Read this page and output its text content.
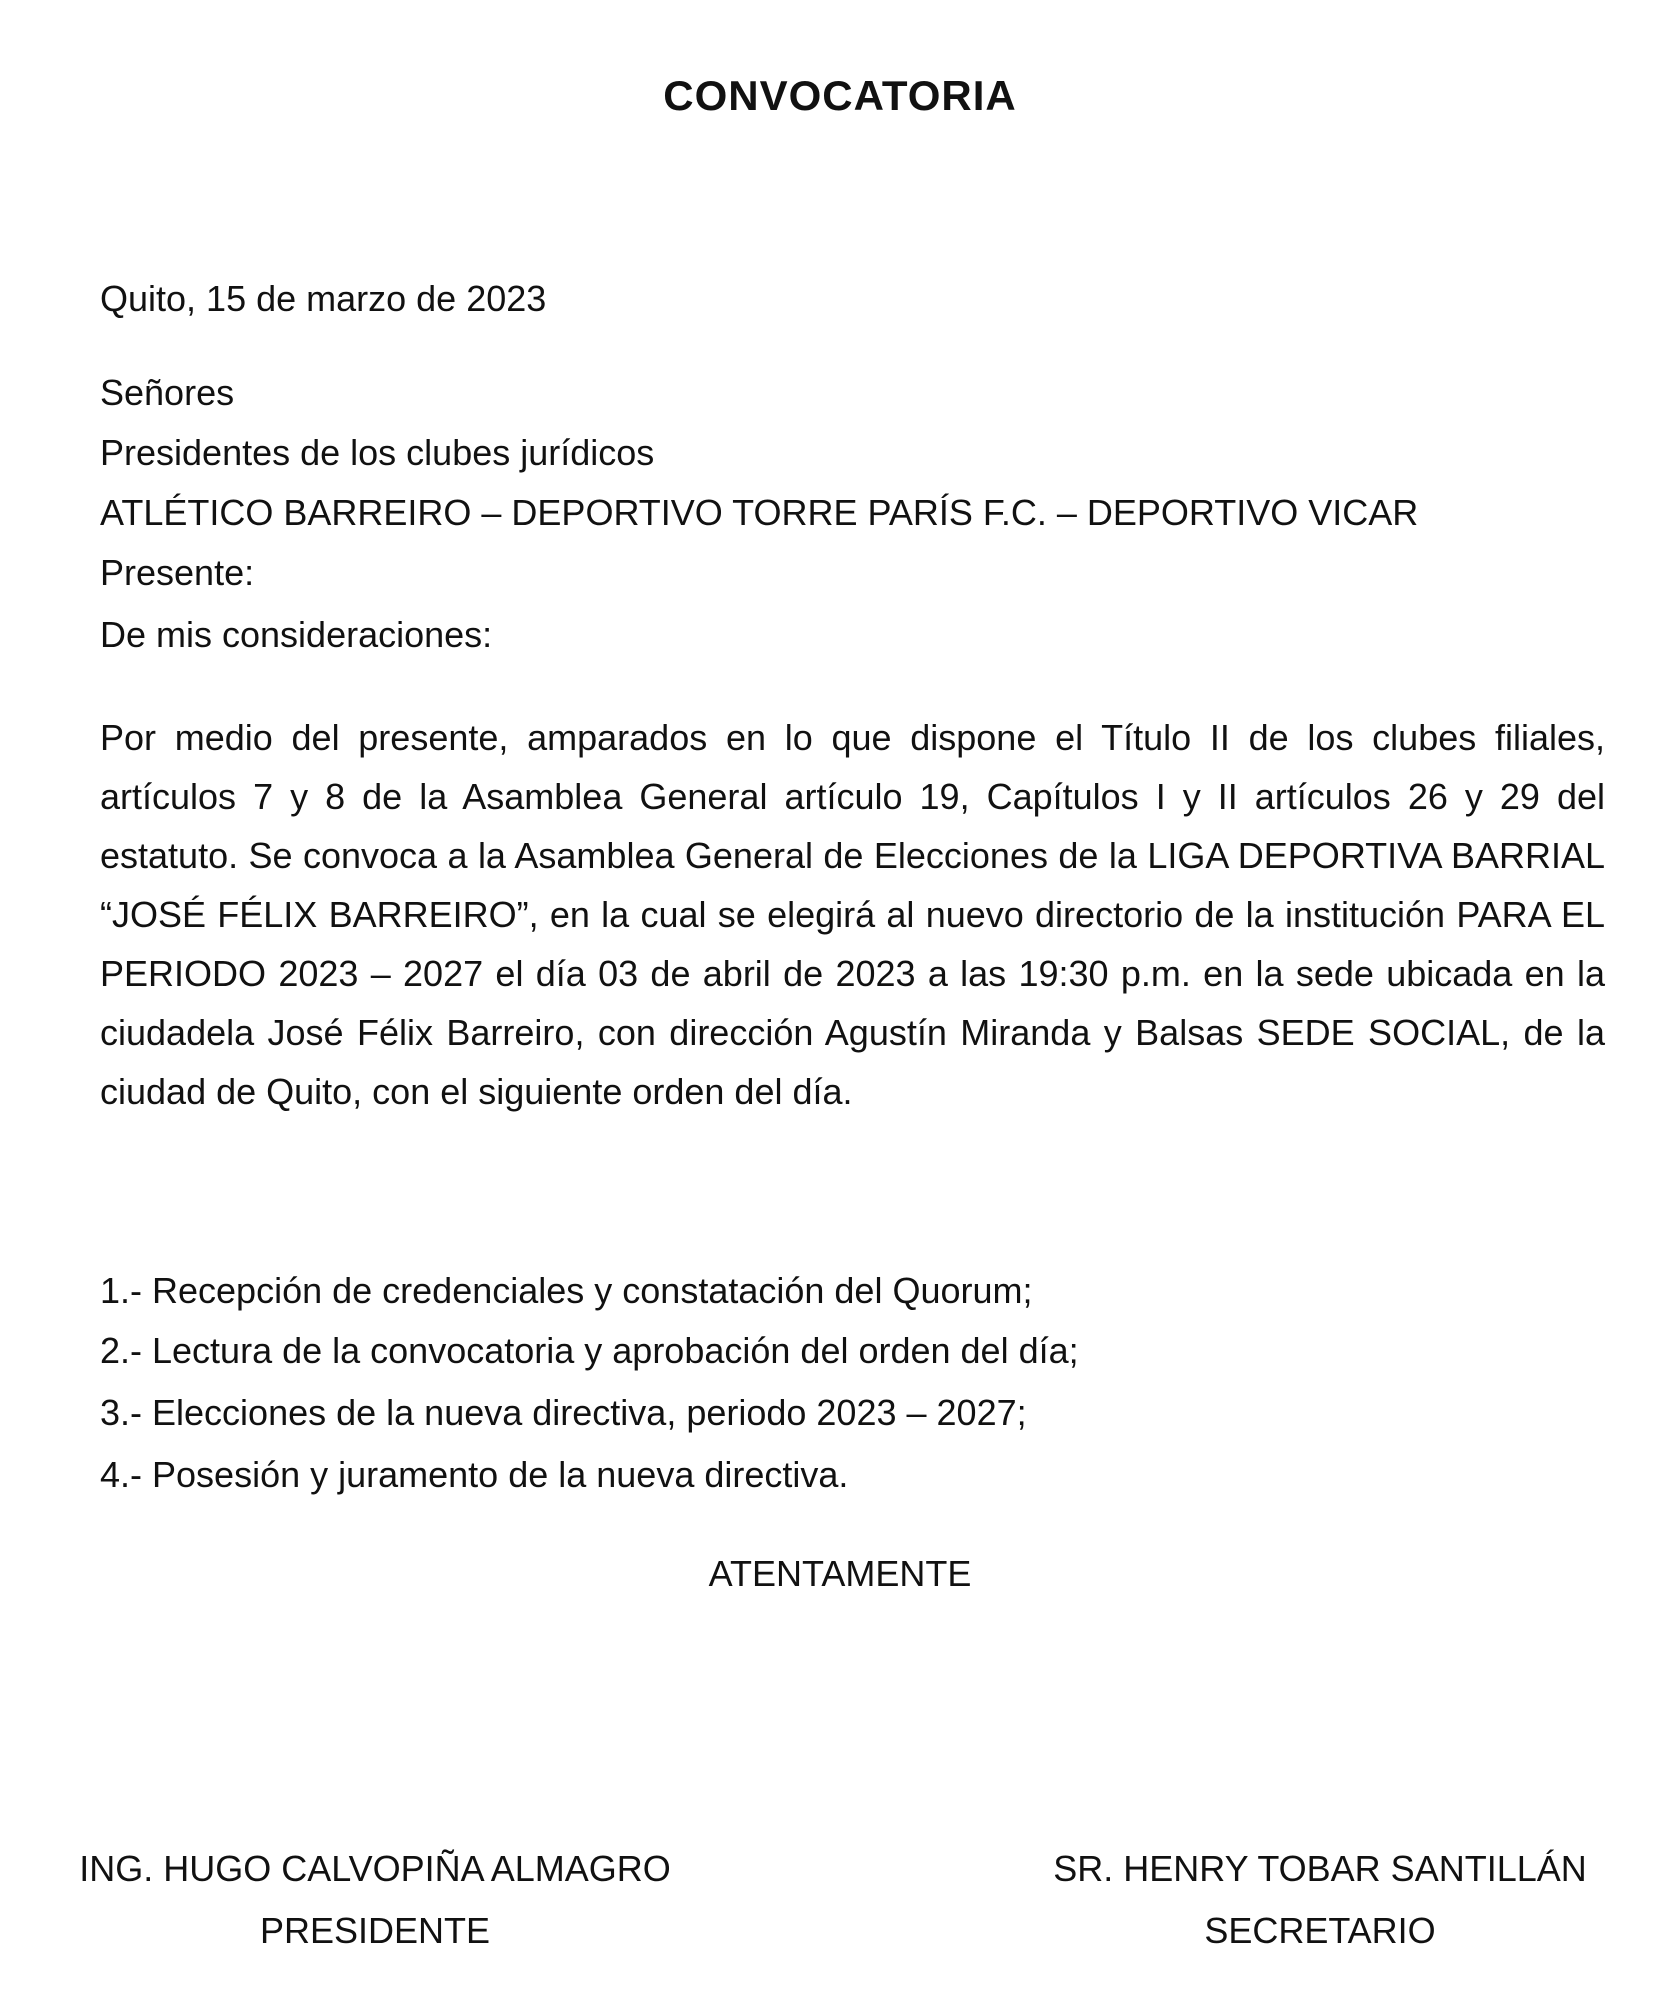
CONVOCATORIA
Quito, 15 de marzo de 2023
Señores
Presidentes de los clubes jurídicos
ATLÉTICO BARREIRO – DEPORTIVO TORRE PARÍS F.C. – DEPORTIVO VICAR
Presente:
De mis consideraciones:
Por medio del presente, amparados en lo que dispone el Título II de los clubes filiales, artículos 7 y 8 de la Asamblea General artículo 19, Capítulos I y II artículos 26 y 29 del estatuto. Se convoca a la Asamblea General de Elecciones de la LIGA DEPORTIVA BARRIAL “JOSÉ FÉLIX BARREIRO”, en la cual se elegirá al nuevo directorio de la institución PARA EL PERIODO 2023 – 2027 el día 03 de abril de 2023 a las 19:30 p.m. en la sede ubicada en la ciudadela José Félix Barreiro, con dirección Agustín Miranda y Balsas SEDE SOCIAL, de la ciudad de Quito, con el siguiente orden del día.
1.- Recepción de credenciales y constatación del Quorum;
2.- Lectura de la convocatoria y aprobación del orden del día;
3.- Elecciones de la nueva directiva, periodo 2023 – 2027;
4.- Posesión y juramento de la nueva directiva.
ATENTAMENTE
ING. HUGO CALVOPIÑA ALMAGRO
PRESIDENTE
SR. HENRY TOBAR SANTILLÁN
SECRETARIO
